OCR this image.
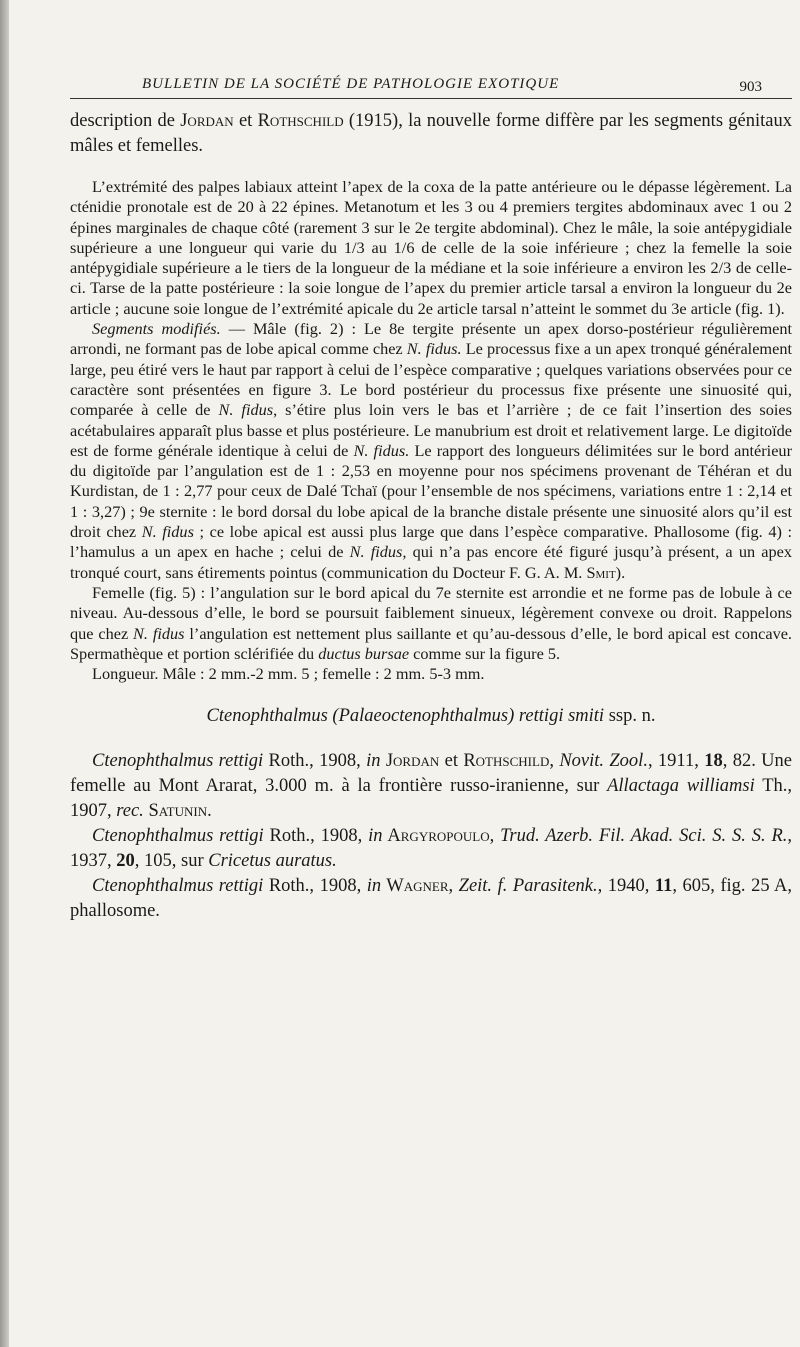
BULLETIN DE LA SOCIÉTÉ DE PATHOLOGIE EXOTIQUE	903

description de Jordan et Rothschild (1915), la nouvelle forme diffère par les segments génitaux mâles et femelles.

L’extrémité des palpes labiaux atteint l’apex de la coxa de la patte antérieure ou le dépasse légèrement. La cténidie pronotale est de 20 à 22 épines. Metanotum et les 3 ou 4 premiers tergites abdominaux avec 1 ou 2 épines marginales de chaque côté (rarement 3 sur le 2e tergite abdominal). Chez le mâle, la soie antépygidiale supérieure a une longueur qui varie du 1/3 au 1/6 de celle de la soie inférieure ; chez la femelle la soie antépygidiale supérieure a le tiers de la longueur de la médiane et la soie inférieure a environ les 2/3 de celle-ci. Tarse de la patte postérieure : la soie longue de l’apex du premier article tarsal a environ la longueur du 2e article ; aucune soie longue de l’extrémité apicale du 2e article tarsal n’atteint le sommet du 3e article (fig. 1).

Segments modifiés. — Mâle (fig. 2) : Le 8e tergite présente un apex dorso-postérieur régulièrement arrondi, ne formant pas de lobe apical comme chez N. fidus. Le processus fixe a un apex tronqué généralement large, peu étiré vers le haut par rapport à celui de l’espèce comparative ; quelques variations observées pour ce caractère sont présentées en figure 3. Le bord postérieur du processus fixe présente une sinuosité qui, comparée à celle de N. fidus, s’étire plus loin vers le bas et l’arrière ; de ce fait l’insertion des soies acétabulaires apparaît plus basse et plus postérieure. Le manubrium est droit et relativement large. Le digitoïde est de forme générale identique à celui de N. fidus. Le rapport des longueurs délimitées sur le bord antérieur du digitoïde par l’angulation est de 1 : 2,53 en moyenne pour nos spécimens provenant de Téhéran et du Kurdistan, de 1 : 2,77 pour ceux de Dalé Tchaï (pour l’ensemble de nos spécimens, variations entre 1 : 2,14 et 1 : 3,27) ; 9e sternite : le bord dorsal du lobe apical de la branche distale présente une sinuosité alors qu’il est droit chez N. fidus ; ce lobe apical est aussi plus large que dans l’espèce comparative. Phallosome (fig. 4) : l’hamulus a un apex en hache ; celui de N. fidus, qui n’a pas encore été figuré jusqu’à présent, a un apex tronqué court, sans étirements pointus (communication du Docteur F. G. A. M. Smit).

Femelle (fig. 5) : l’angulation sur le bord apical du 7e sternite est arrondie et ne forme pas de lobule à ce niveau. Au-dessous d’elle, le bord se poursuit faiblement sinueux, légèrement convexe ou droit. Rappelons que chez N. fidus l’angulation est nettement plus saillante et qu’au-dessous d’elle, le bord apical est concave. Spermathèque et portion sclérifiée du ductus bursae comme sur la figure 5.

Longueur. Mâle : 2 mm.-2 mm. 5 ; femelle : 2 mm. 5-3 mm.

Ctenophthalmus (Palaeoctenophthalmus) rettigi smiti ssp. n.

Ctenophthalmus rettigi Roth., 1908, in Jordan et Rothschild, Novit. Zool., 1911, 18, 82. Une femelle au Mont Ararat, 3.000 m. à la frontière russo-iranienne, sur Allactaga williamsi Th., 1907, rec. Satunin.

Ctenophthalmus rettigi Roth., 1908, in Argyropoulo, Trud. Azerb. Fil. Akad. Sci. S. S. S. R., 1937, 20, 105, sur Cricetus auratus.

Ctenophthalmus rettigi Roth., 1908, in Wagner, Zeit. f. Parasitenk., 1940, 11, 605, fig. 25 A, phallosome.
